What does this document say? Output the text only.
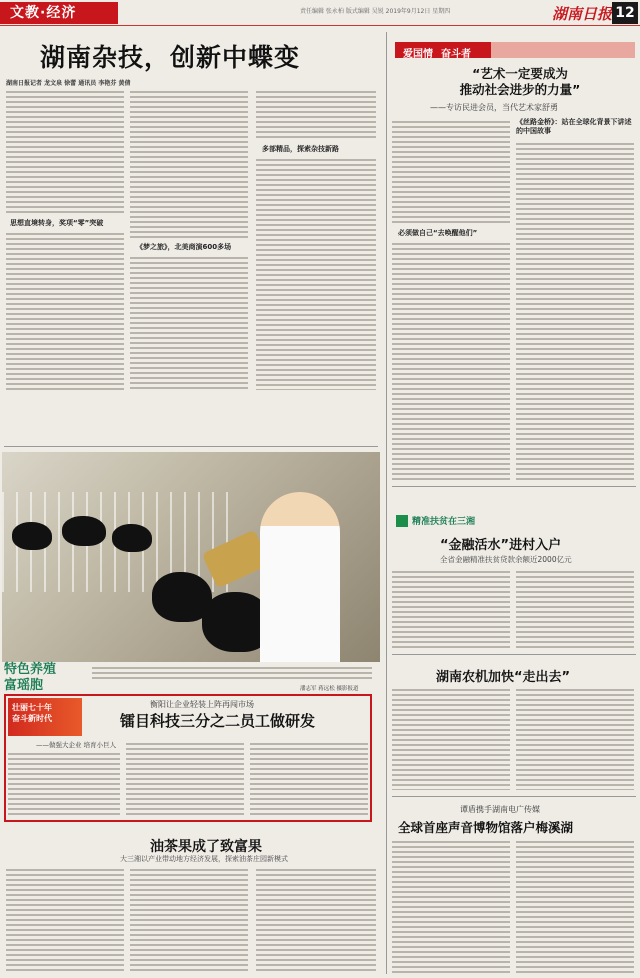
文教·经济	责任编辑 张永柏 版式编辑 吴锐 2019年9月12日 星期四	湖南日报 12
湖南杂技，创新中蝶变
湖南日报记者 龙文泉 徐蕾 通讯员 李艳芬 黄倩
思想直境转身，奖项“零”突破
《梦之旅》，北美商演600多场
多部精品，探索杂技新路
特色养殖
富瑶胞	潘志军 蒋远松 摄影报道
壮丽七十年
奋斗新时代
衡阳让企业轻装上阵再闯市场
镭目科技三分之二员工做研发
——做强大企业 培育小巨人
油茶果成了致富果
大三湘以产业带动地方经济发展，探索油茶庄园新模式
爱国情 奋斗者
“艺术一定要成为
推动社会进步的力量”
——专访民进会员，当代艺术家舒勇
必须做自己“去唤醒他们”
《丝路金桥》：站在全球化背景下讲述的中国故事
精准扶贫在三湘
“金融活水”进村入户
全省金融精准扶贫贷款余额近2000亿元
湖南农机加快“走出去”
谭盾携手湖南电广传媒
全球首座声音博物馆落户梅溪湖
